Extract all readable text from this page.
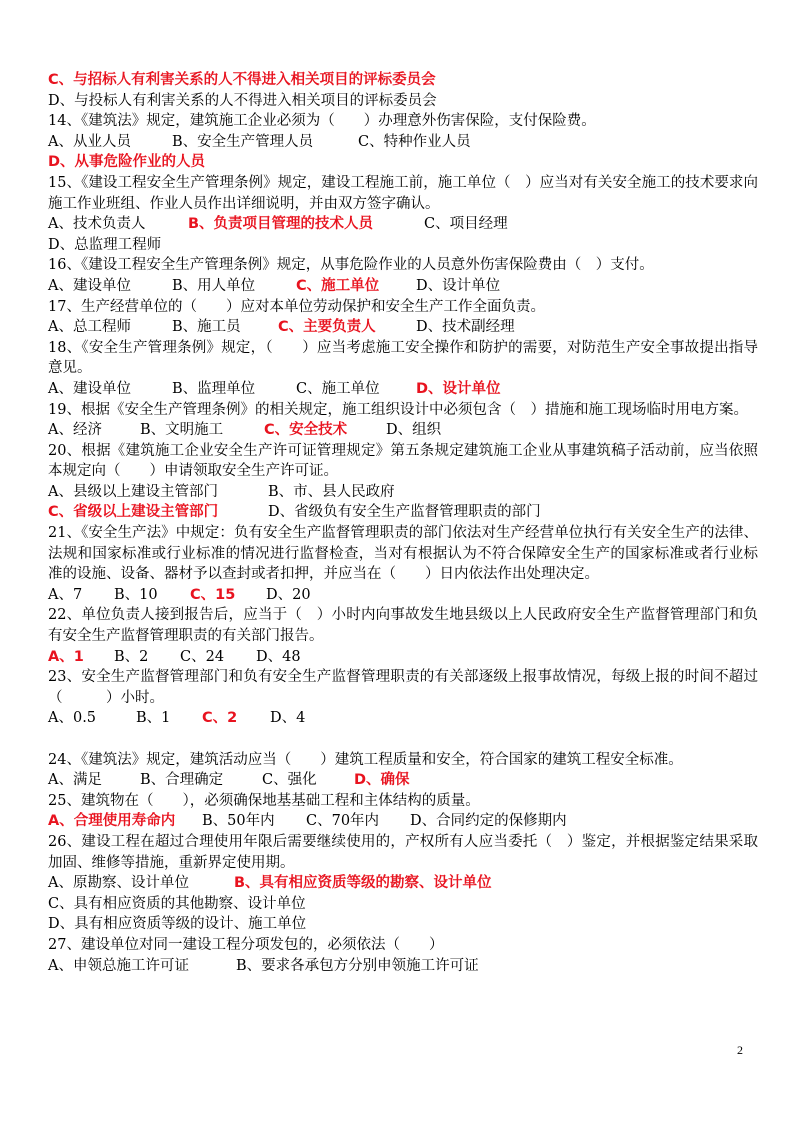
C、与招标人有利害关系的人不得进入相关项目的评标委员会
D、与投标人有利害关系的人不得进入相关项目的评标委员会
14、《建筑法》规定，建筑施工企业必须为（　　）办理意外伤害保险，支付保险费。
A、从业人员	B、安全生产管理人员	C、特种作业人员
D、从事危险作业的人员
15、《建设工程安全生产管理条例》规定，建设工程施工前，施工单位（　）应当对有关安全施工的技术要求向施工作业班组、作业人员作出详细说明，并由双方签字确认。
A、技术负责人	B、负责项目管理的技术人员	C、项目经理
D、总监理工程师
16、《建设工程安全生产管理条例》规定，从事危险作业的人员意外伤害保险费由（　）支付。
A、建设单位	B、用人单位	C、施工单位	D、设计单位
17、生产经营单位的（　　）应对本单位劳动保护和安全生产工作全面负责。
A、总工程师	B、施工员	C、主要负责人	D、技术副经理
18、《安全生产管理条例》规定，（　　）应当考虑施工安全操作和防护的需要，对防范生产安全事故提出指导意见。
A、建设单位	B、监理单位	C、施工单位	D、设计单位
19、根据《安全生产管理条例》的相关规定，施工组织设计中必须包含（　）措施和施工现场临时用电方案。
A、经济	B、文明施工	C、安全技术	D、组织
20、根据《建筑施工企业安全生产许可证管理规定》第五条规定建筑施工企业从事建筑稿子活动前，应当依照本规定向（　　）申请领取安全生产许可证。
A、县级以上建设主管部门	B、市、县人民政府
C、省级以上建设主管部门	D、省级负有安全生产监督管理职责的部门
21、《安全生产法》中规定：负有安全生产监督管理职责的部门依法对生产经营单位执行有关安全生产的法律、法规和国家标准或行业标准的情况进行监督检查，当对有根据认为不符合保障安全生产的国家标准或者行业标准的设施、设备、器材予以查封或者扣押，并应当在（　　）日内依法作出处理决定。
A、7 B、10 C、15 D、20
22、单位负责人接到报告后，应当于（　）小时内向事故发生地县级以上人民政府安全生产监督管理部门和负有安全生产监督管理职责的有关部门报告。
A、1 B、2 C、24 D、48
23、安全生产监督管理部门和负有安全生产监督管理职责的有关部逐级上报事故情况，每级上报的时间不超过（　　　）小时。
A、0.5	B、1 C、2 D、4
24、《建筑法》规定，建筑活动应当（　　）建筑工程质量和安全，符合国家的建筑工程安全标准。
A、满足	B、合理确定	C、强化	D、确保
25、建筑物在（　　），必须确保地基基础工程和主体结构的质量。
A、合理使用寿命内 B、50年内 C、70年内 D、合同约定的保修期内
26、建设工程在超过合理使用年限后需要继续使用的，产权所有人应当委托（　）鉴定，并根据鉴定结果采取加固、维修等措施，重新界定使用期。
A、原勘察、设计单位	B、具有相应资质等级的勘察、设计单位
C、具有相应资质的其他勘察、设计单位
D、具有相应资质等级的设计、施工单位
27、建设单位对同一建设工程分项发包的，必须依法（　　）
A、申领总施工许可证	B、要求各承包方分别申领施工许可证
2
